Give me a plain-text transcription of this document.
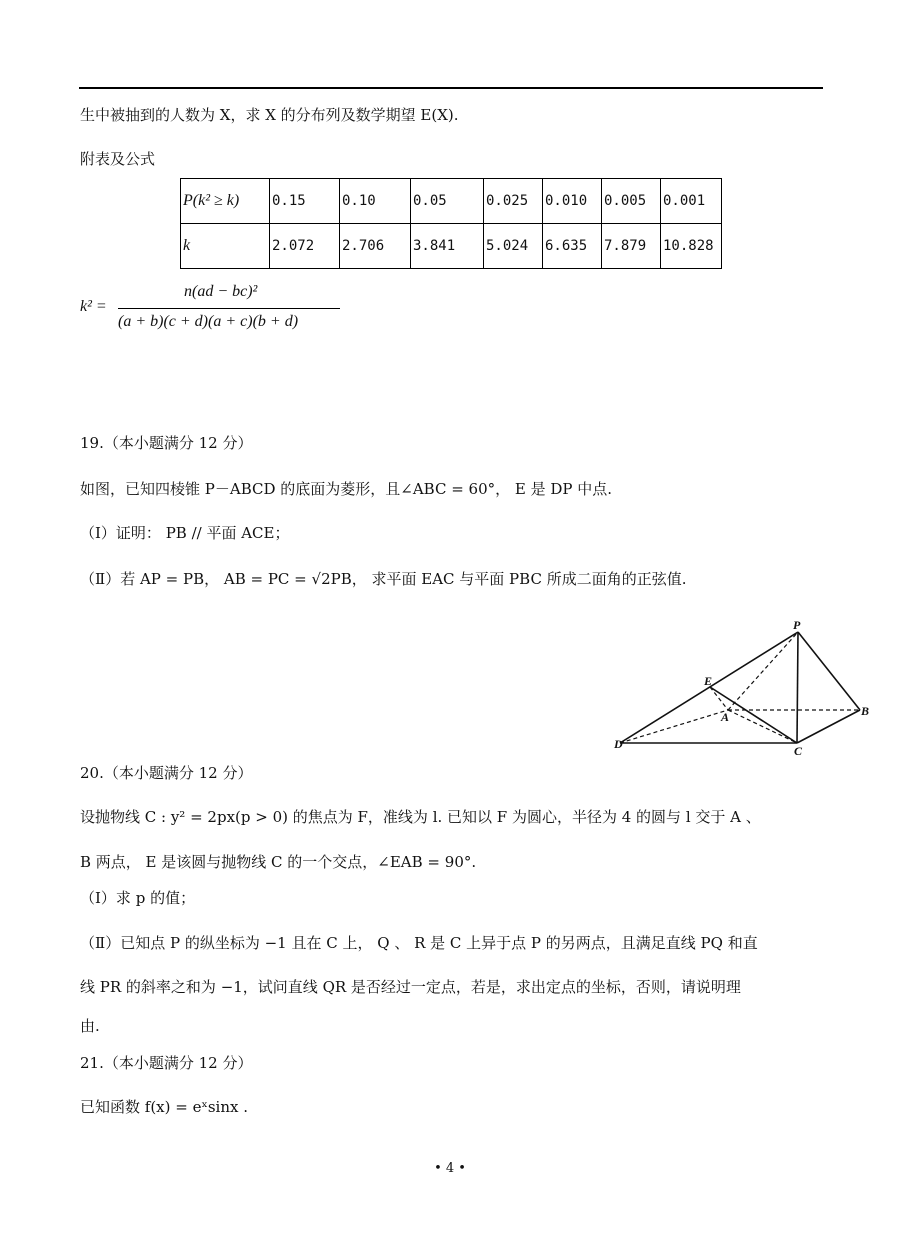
生中被抽到的人数为 X，求 X 的分布列及数学期望 E(X).
附表及公式
P(k² ≥ k)	0.15	0.10	0.05	0.025	0.010	0.005	0.001
k	2.072	2.706	3.841	5.024	6.635	7.879	10.828
k² =
n(ad − bc)²
(a + b)(c + d)(a + c)(b + d)
19.（本小题满分 12 分）
如图，已知四棱锥 P－ABCD 的底面为菱形，且∠ABC = 60°， E 是 DP 中点.
（Ⅰ）证明： PB // 平面 ACE；
（Ⅱ）若 AP = PB， AB = PC = √2PB， 求平面 EAC 与平面 PBC 所成二面角的正弦值.
P
E
A	B
D	C
20.（本小题满分 12 分）
设抛物线 C : y² = 2px(p > 0) 的焦点为 F，准线为 l. 已知以 F 为圆心，半径为 4 的圆与 l 交于 A 、
B 两点， E 是该圆与抛物线 C 的一个交点，∠EAB = 90°.
（Ⅰ）求 p 的值；
（Ⅱ）已知点 P 的纵坐标为 −1 且在 C 上， Q 、 R 是 C 上异于点 P 的另两点，且满足直线 PQ 和直
线 PR 的斜率之和为 −1，试问直线 QR 是否经过一定点，若是，求出定点的坐标，否则，请说明理
由.
21.（本小题满分 12 分）
已知函数 f(x) = eˣsinx .
• 4 •
